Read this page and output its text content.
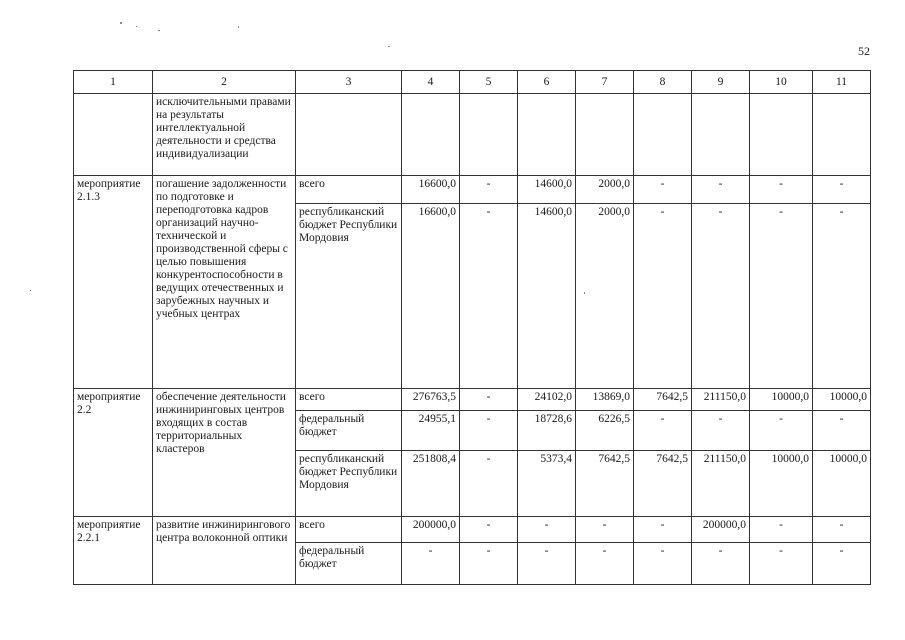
52
1	2	3	4	5	6	7	8	9	10	11
	исключительными правами на результаты интеллектуальной деятельности и средства индивидуализации									
мероприятие 2.1.3	погашение задолженности по подготовке и переподготовка кадров организаций научно-технической и производственной сферы с целью повышения конкурентоспособности в ведущих отечественных и зарубежных научных и учебных центрах	всего	16600,0	-	14600,0	2000,0	-	-	-	-
		республиканский бюджет Республики Мордовия	16600,0	-	14600,0	2000,0	-	-	-	-
мероприятие 2.2	обеспечение деятельности инжиниринговых центров входящих в состав территориальных кластеров	всего	276763,5	-	24102,0	13869,0	7642,5	211150,0	10000,0	10000,0
		федеральный бюджет	24955,1	-	18728,6	6226,5	-	-	-	-
		республиканский бюджет Республики Мордовия	251808,4	-	5373,4	7642,5	7642,5	211150,0	10000,0	10000,0
мероприятие 2.2.1	развитие инжинирингового центра волоконной оптики	всего	200000,0	-	-	-	-	200000,0	-	-
		федеральный бюджет	-	-	-	-	-	-	-	-
